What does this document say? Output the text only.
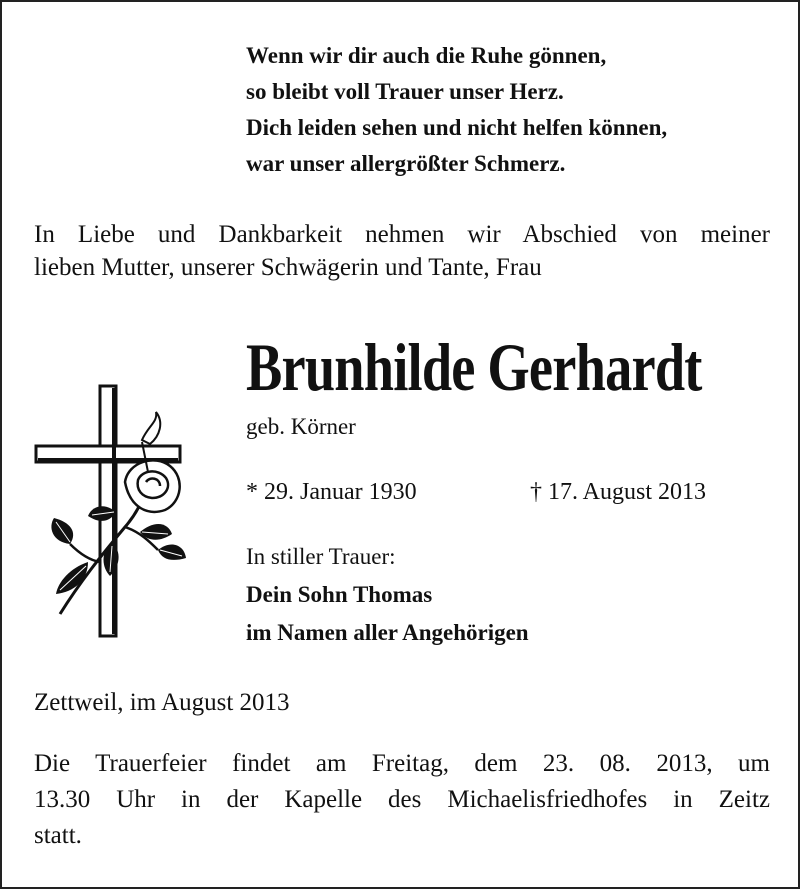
Wenn wir dir auch die Ruhe gönnen,
so bleibt voll Trauer unser Herz.
Dich leiden sehen und nicht helfen können,
war unser allergrößter Schmerz.
In Liebe und Dankbarkeit nehmen wir Abschied von meiner
lieben Mutter, unserer Schwägerin und Tante, Frau
Brunhilde Gerhardt
geb. Körner
* 29. Januar 1930	† 17. August 2013
In stiller Trauer:
Dein Sohn Thomas
im Namen aller Angehörigen
Zettweil, im August 2013
Die Trauerfeier findet am Freitag, dem 23. 08. 2013, um
13.30 Uhr in der Kapelle des Michaelisfriedhofes in Zeitz
statt.
